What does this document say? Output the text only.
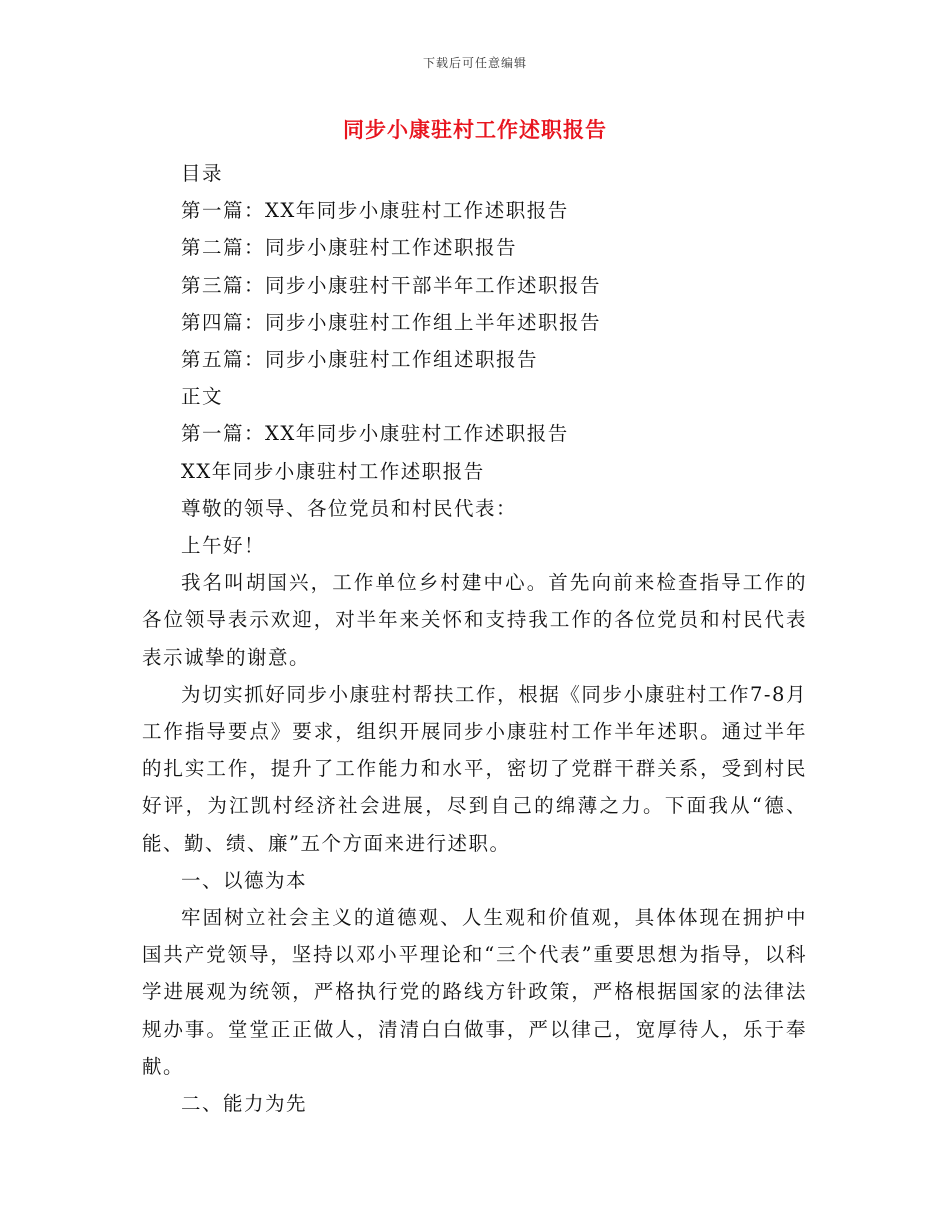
下载后可任意编辑
同步小康驻村工作述职报告

目录

第一篇：XX年同步小康驻村工作述职报告

第二篇：同步小康驻村工作述职报告

第三篇：同步小康驻村干部半年工作述职报告

第四篇：同步小康驻村工作组上半年述职报告

第五篇：同步小康驻村工作组述职报告

正文

第一篇：XX年同步小康驻村工作述职报告

XX年同步小康驻村工作述职报告

尊敬的领导、各位党员和村民代表：

上午好！

我名叫胡国兴，工作单位乡村建中心。首先向前来检查指导工作的各位领导表示欢迎，对半年来关怀和支持我工作的各位党员和村民代表表示诚挚的谢意。

为切实抓好同步小康驻村帮扶工作，根据《同步小康驻村工作7-8月工作指导要点》要求，组织开展同步小康驻村工作半年述职。通过半年的扎实工作，提升了工作能力和水平，密切了党群干群关系，受到村民好评，为江凯村经济社会进展，尽到自己的绵薄之力。下面我从“德、能、勤、绩、廉”五个方面来进行述职。

一、以德为本

牢固树立社会主义的道德观、人生观和价值观，具体体现在拥护中国共产党领导，坚持以邓小平理论和“三个代表”重要思想为指导，以科学进展观为统领，严格执行党的路线方针政策，严格根据国家的法律法规办事。堂堂正正做人，清清白白做事，严以律己，宽厚待人，乐于奉献。

二、能力为先
